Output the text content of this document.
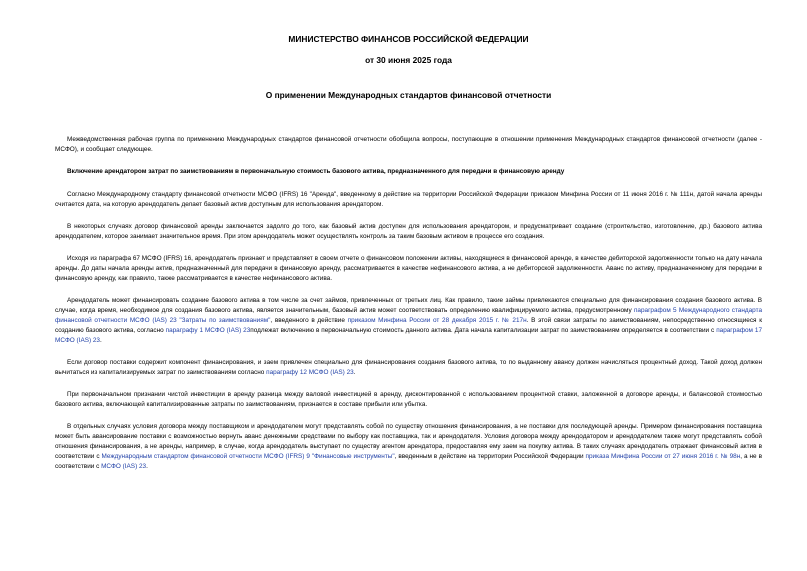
МИНИСТЕРСТВО ФИНАНСОВ РОССИЙСКОЙ ФЕДЕРАЦИИ
от 30 июня 2025 года
О применении Международных стандартов финансовой отчетности

Межведомственная рабочая группа по применению Международных стандартов финансовой отчетности обобщила вопросы, поступающие в отношении применения Международных стандартов финансовой отчетности (далее - МСФО), и сообщает следующее.

Включение арендатором затрат по заимствованиям в первоначальную стоимость базового актива, предназначенного для передачи в финансовую аренду

Согласно Международному стандарту финансовой отчетности МСФО (IFRS) 16 "Аренда", введенному в действие на территории Российской Федерации приказом Минфина России от 11 июня 2016 г. № 111н, датой начала аренды считается дата, на которую арендодатель делает базовый актив доступным для использования арендатором.

В некоторых случаях договор финансовой аренды заключается задолго до того, как базовый актив доступен для использования арендатором, и предусматривает создание (строительство, изготовление, др.) базового актива арендодателем, которое занимает значительное время. При этом арендодатель может осуществлять контроль за таким базовым активом в процессе его создания.

Исходя из параграфа 67 МСФО (IFRS) 16, арендодатель признает и представляет в своем отчете о финансовом положении активы, находящиеся в финансовой аренде, в качестве дебиторской задолженности только на дату начала аренды. До даты начала аренды актив, предназначенный для передачи в финансовую аренду, рассматривается в качестве нефинансового актива, а не дебиторской задолженности. Аванс по активу, предназначенному для передачи в финансовую аренду, как правило, также рассматривается в качестве нефинансового актива.

Арендодатель может финансировать создание базового актива в том числе за счет займов, привлеченных от третьих лиц. Как правило, такие займы привлекаются специально для финансирования создания базового актива. В случае, когда время, необходимое для создания базового актива, является значительным, базовый актив может соответствовать определению квалифицируемого актива, предусмотренному параграфом 5 Международного стандарта финансовой отчетности МСФО (IAS) 23 "Затраты по заимствованиям", введенного в действие приказом Минфина России от 28 декабря 2015 г. № 217н. В этой связи затраты по заимствованиям, непосредственно относящиеся к созданию базового актива, согласно параграфу 1 МСФО (IAS) 23подлежат включению в первоначальную стоимость данного актива. Дата начала капитализации затрат по заимствованиям определяется в соответствии с параграфом 17 МСФО (IAS) 23.

Если договор поставки содержит компонент финансирования, и заем привлечен специально для финансирования создания базового актива, то по выданному авансу должен начисляться процентный доход. Такой доход должен вычитаться из капитализируемых затрат по заимствованиям согласно параграфу 12 МСФО (IAS) 23.

При первоначальном признании чистой инвестиции в аренду разница между валовой инвестицией в аренду, дисконтированной с использованием процентной ставки, заложенной в договоре аренды, и балансовой стоимостью базового актива, включающей капитализированные затраты по заимствованиям, признается в составе прибыли или убытка.

В отдельных случаях условия договора между поставщиком и арендодателем могут представлять собой по существу отношения финансирования, а не поставки для последующей аренды. Примером финансирования поставщика может быть авансирование поставки с возможностью вернуть аванс денежными средствами по выбору как поставщика, так и арендодателя. Условия договора между арендодатором и арендодателем также могут представлять собой отношения финансирования, а не аренды, например, в случае, когда арендодатель выступает по существу агентом арендатора, предоставляя ему заем на покупку актива. В таких случаях арендодатель отражает финансовый актив в соответствии с Международным стандартом финансовой отчетности МСФО (IFRS) 9 "Финансовые инструменты", введенным в действие на территории Российской Федерации приказа Минфина России от 27 июня 2016 г. № 98н, а не в соответствии с МСФО (IAS) 23.
